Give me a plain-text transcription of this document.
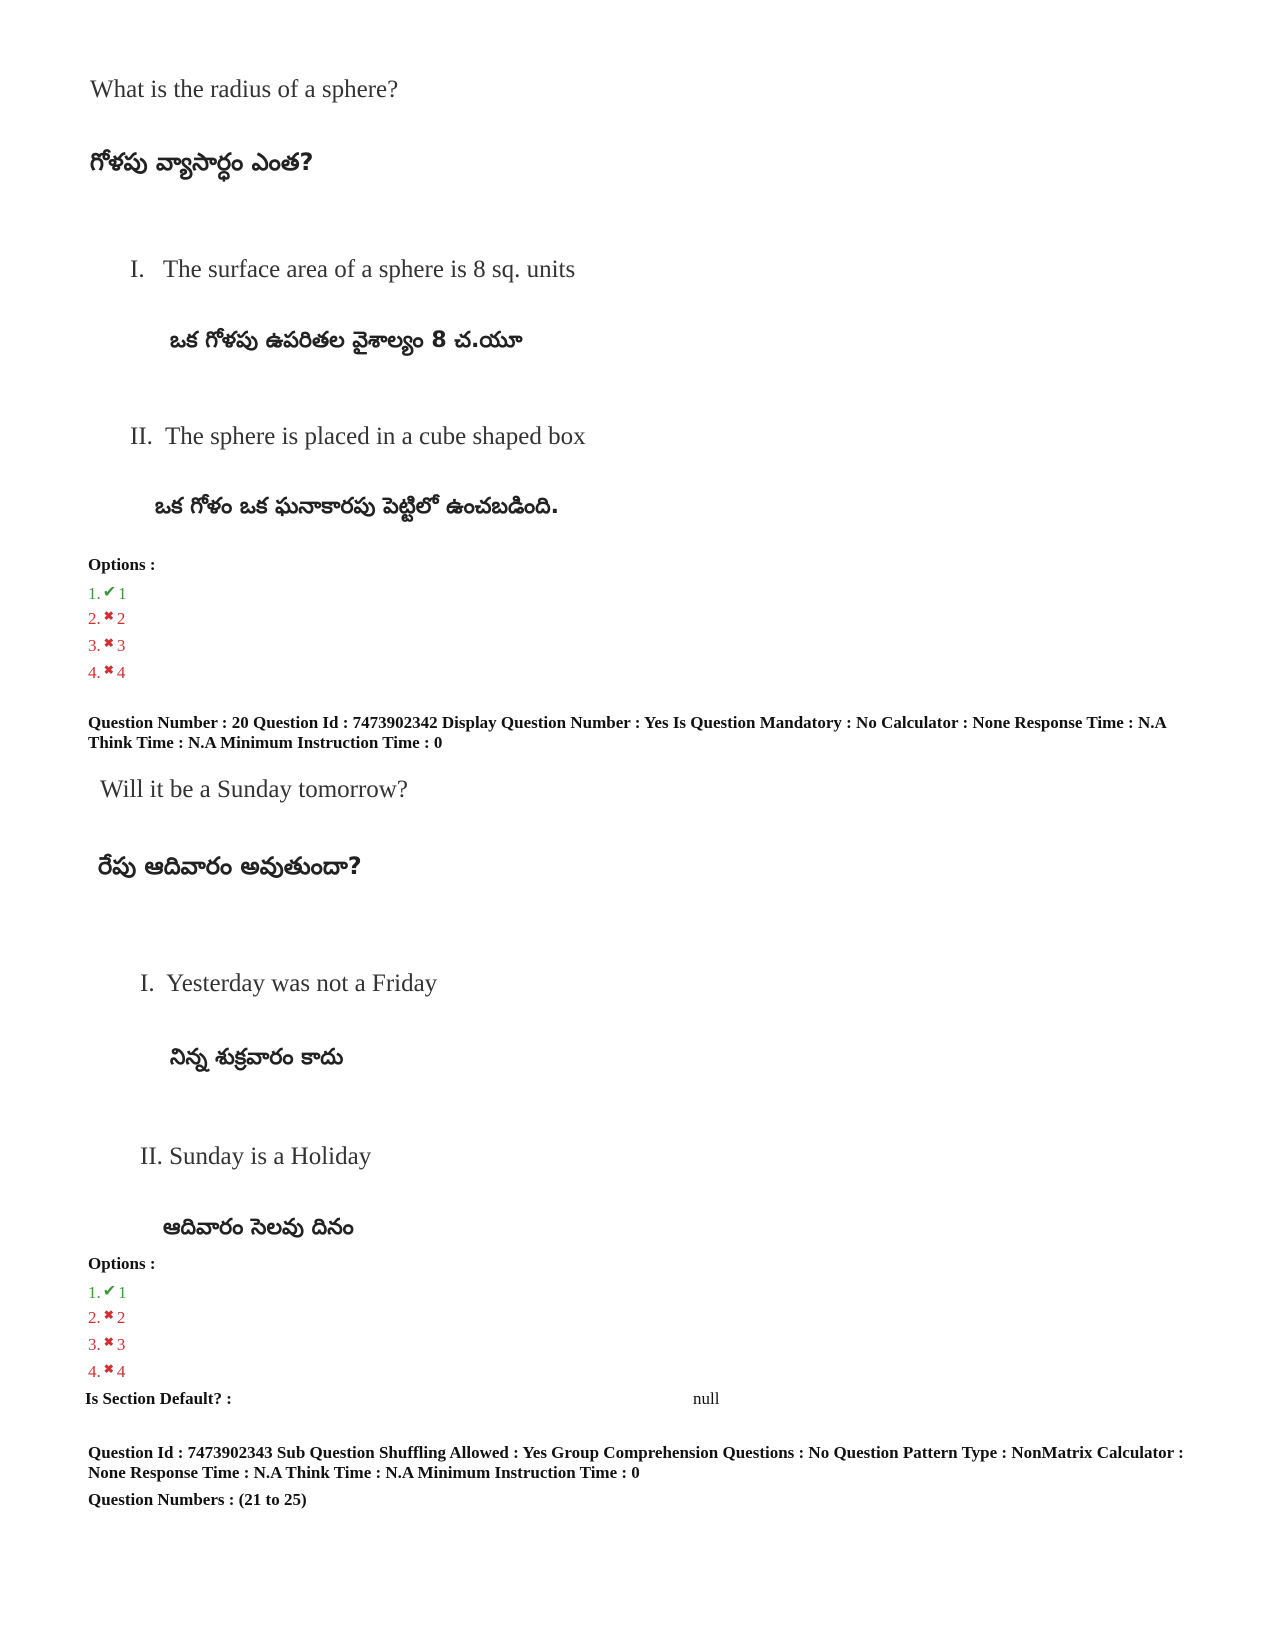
What is the radius of a sphere?
గోళపు వ్యాసార్ధం ఎంత?
I.   The surface area of a sphere is 8 sq. units
ఒక గోళపు ఉపరితల వైశాల్యం 8 చ.యూ
II.  The sphere is placed in a cube shaped box
ఒక గోళం ఒక ఘనాకారపు పెట్టిలో ఉంచబడింది.
Options :
1. ✔ 1
2. ✖ 2
3. ✖ 3
4. ✖ 4
Question Number : 20 Question Id : 7473902342 Display Question Number : Yes Is Question Mandatory : No Calculator : None Response Time : N.A Think Time : N.A Minimum Instruction Time : 0
Will it be a Sunday tomorrow?
రేపు ఆదివారం అవుతుందా?
I.  Yesterday was not a Friday
నిన్న శుక్రవారం కాదు
II. Sunday is a Holiday
ఆదివారం సెలవు దినం
Options :
1. ✔ 1
2. ✖ 2
3. ✖ 3
4. ✖ 4
Is Section Default? :	null
Question Id : 7473902343 Sub Question Shuffling Allowed : Yes Group Comprehension Questions : No Question Pattern Type : NonMatrix Calculator : None Response Time : N.A Think Time : N.A Minimum Instruction Time : 0
Question Numbers : (21 to 25)
